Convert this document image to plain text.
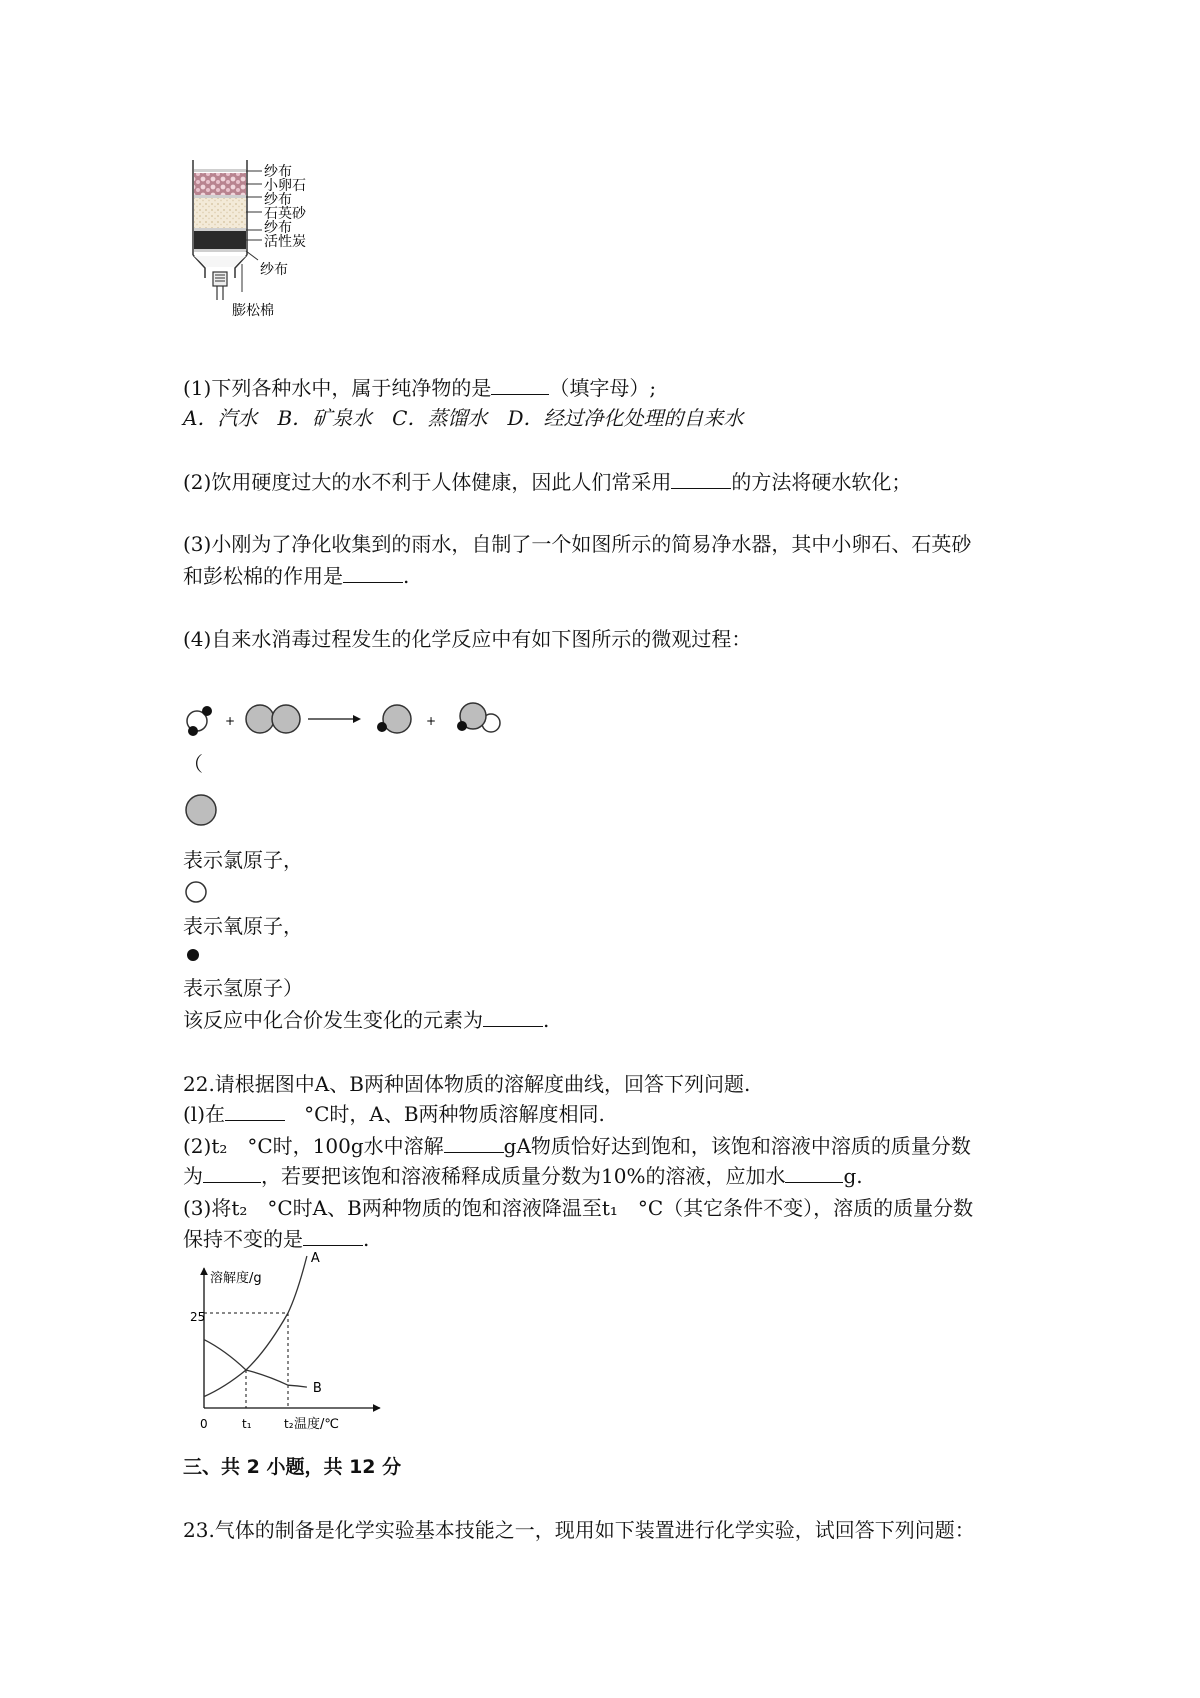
纱布
小卵石
纱布
石英砂
纱布
活性炭
纱布
膨松棉
(1)下列各种水中，属于纯净物的是	（填字母）;
A．汽水　B．矿泉水　C．蒸馏水　D．经过净化处理的自来水
(2)饮用硬度过大的水不利于人体健康，因此人们常采用	的方法将硬水软化；
(3)小刚为了净化收集到的雨水，自制了一个如图所示的简易净水器，其中小卵石、石英砂
和彭松棉的作用是	.
(4)自来水消毒过程发生的化学反应中有如下图所示的微观过程：
+	+
（
表示氯原子，
表示氧原子，
表示氢原子）
该反应中化合价发生变化的元素为	.
22.请根据图中A、B两种固体物质的溶解度曲线，回答下列问题.
(l)在	°C时，A、B两种物质溶解度相同.
(2)t₂　°C时，100g水中溶解	gA物质恰好达到饱和，该饱和溶液中溶质的质量分数
为	，若要把该饱和溶液稀释成质量分数为10%的溶液，应加水	g.
(3)将t₂　°C时A、B两种物质的饱和溶液降温至t₁　°C（其它条件不变），溶质的质量分数
保持不变的是	.
溶解度/g
25
0	t₁	t₂ 温度/℃
A
B
三、共 2 小题，共 12 分
23.气体的制备是化学实验基本技能之一，现用如下装置进行化学实验，试回答下列问题：
